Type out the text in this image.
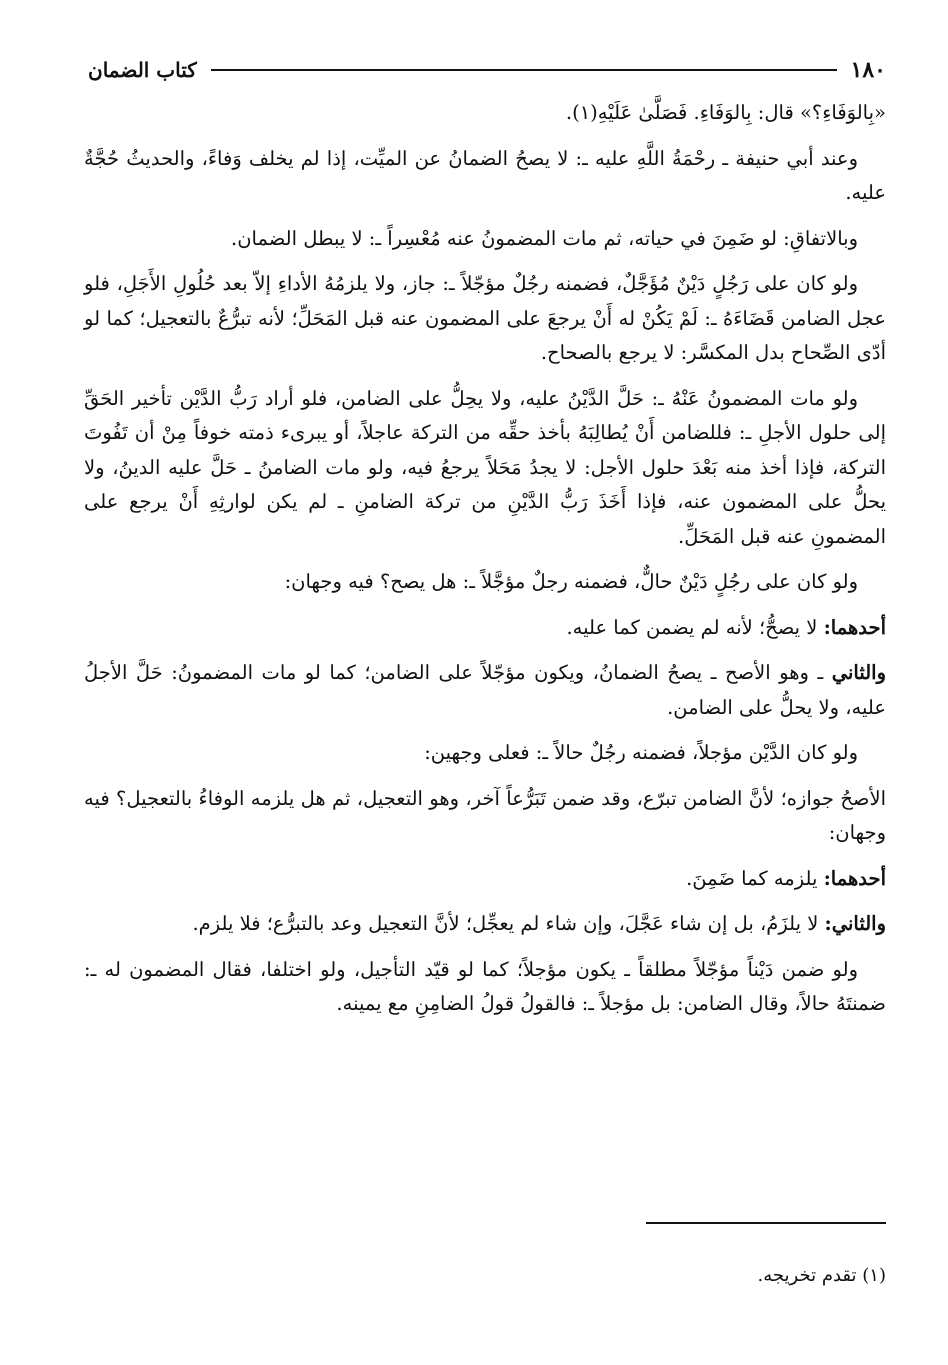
١٨٠
كتاب الضمان

«بِالوَفَاءِ؟» قال: بِالوَفَاءِ. فَصَلَّىٰ عَلَيْهِ(١).

وعند أبي حنيفة ـ رحْمَةُ اللَّهِ عليه ـ: لا يصحُ الضمانُ عن الميِّت، إذا لم يخلف وَفاءً، والحديثُ حُجَّةٌ عليه.

وبالاتفاقِ: لو ضَمِنَ في حياته، ثم مات المضمونُ عنه مُعْسِراً ـ: لا يبطل الضمان.

ولو كان على رَجُلٍ دَيْنٌ مُؤَجَّلٌ، فضمنه رجُلٌ مؤجّلاً ـ: جاز، ولا يلزمُهُ الأداءِ إلاّ بعد حُلُولِ الأَجَلِ، فلو عجل الضامن قَضَاءَهُ ـ: لَمْ يَكُنْ له أَنْ يرجعَ على المضمون عنه قبل المَحَلِّ؛ لأنه تبرُّعٌ بالتعجيل؛ كما لو أدّى الصِّحاح بدل المكسَّر: لا يرجع بالصحاح.

ولو مات المضمونُ عَنْهُ ـ: حَلَّ الدَّيْنُ عليه، ولا يحِلُّ على الضامن، فلو أراد رَبُّ الدَّيْن تأخير الحَقِّ إلى حلول الأجلِ ـ: فللضامن أَنْ يُطالِبَهُ بأخذ حقِّه من التركة عاجلاً، أو يبرىء ذمته خوفاً مِنْ أن تَفُوتَ التركة، فإذا أخذ منه بَعْدَ حلول الأجل: لا يجدُ مَحَلاً يرجعُ فيه، ولو مات الضامنُ ـ حَلَّ عليه الدينُ، ولا يحلُّ على المضمون عنه، فإذا أَخَذَ رَبُّ الدَّيْنِ من تركة الضامنِ ـ لم يكن لوارثِهِ أَنْ يرجع على المضمونِ عنه قبل المَحَلِّ.

ولو كان على رجُلٍ دَيْنٌ حالٌّ، فضمنه رجلٌ مؤجَّلاً ـ: هل يصح؟ فيه وجهان:

أحدهما: لا يصحُّ؛ لأنه لم يضمن كما عليه.

والثاني ـ وهو الأصح ـ يصحُ الضمانُ، ويكون مؤجّلاً على الضامن؛ كما لو مات المضمونُ: حَلَّ الأجلُ عليه، ولا يحلُّ على الضامن.

ولو كان الدَّيْن مؤجلاً، فضمنه رجُلٌ حالاً ـ: فعلى وجهين:

الأصحُ جوازه؛ لأنَّ الضامن تبرّع، وقد ضمن تَبَرُّعاً آخر، وهو التعجيل، ثم هل يلزمه الوفاءُ بالتعجيل؟ فيه وجهان:

أحدهما: يلزمه كما ضَمِنَ.

والثاني: لا يلزَمُ، بل إن شاء عَجَّلَ، وإن شاء لم يعجِّل؛ لأنَّ التعجيل وعد بالتبرُّع؛ فلا يلزم.

ولو ضمن دَيْناً مؤجّلاً مطلقاً ـ يكون مؤجلاً؛ كما لو قيّد التأجيل، ولو اختلفا، فقال المضمون له ـ: ضمنتَهُ حالاً، وقال الضامن: بل مؤجلاً ـ: فالقولُ قولُ الضامِنِ مع يمينه.

(١) تقدم تخريجه.
